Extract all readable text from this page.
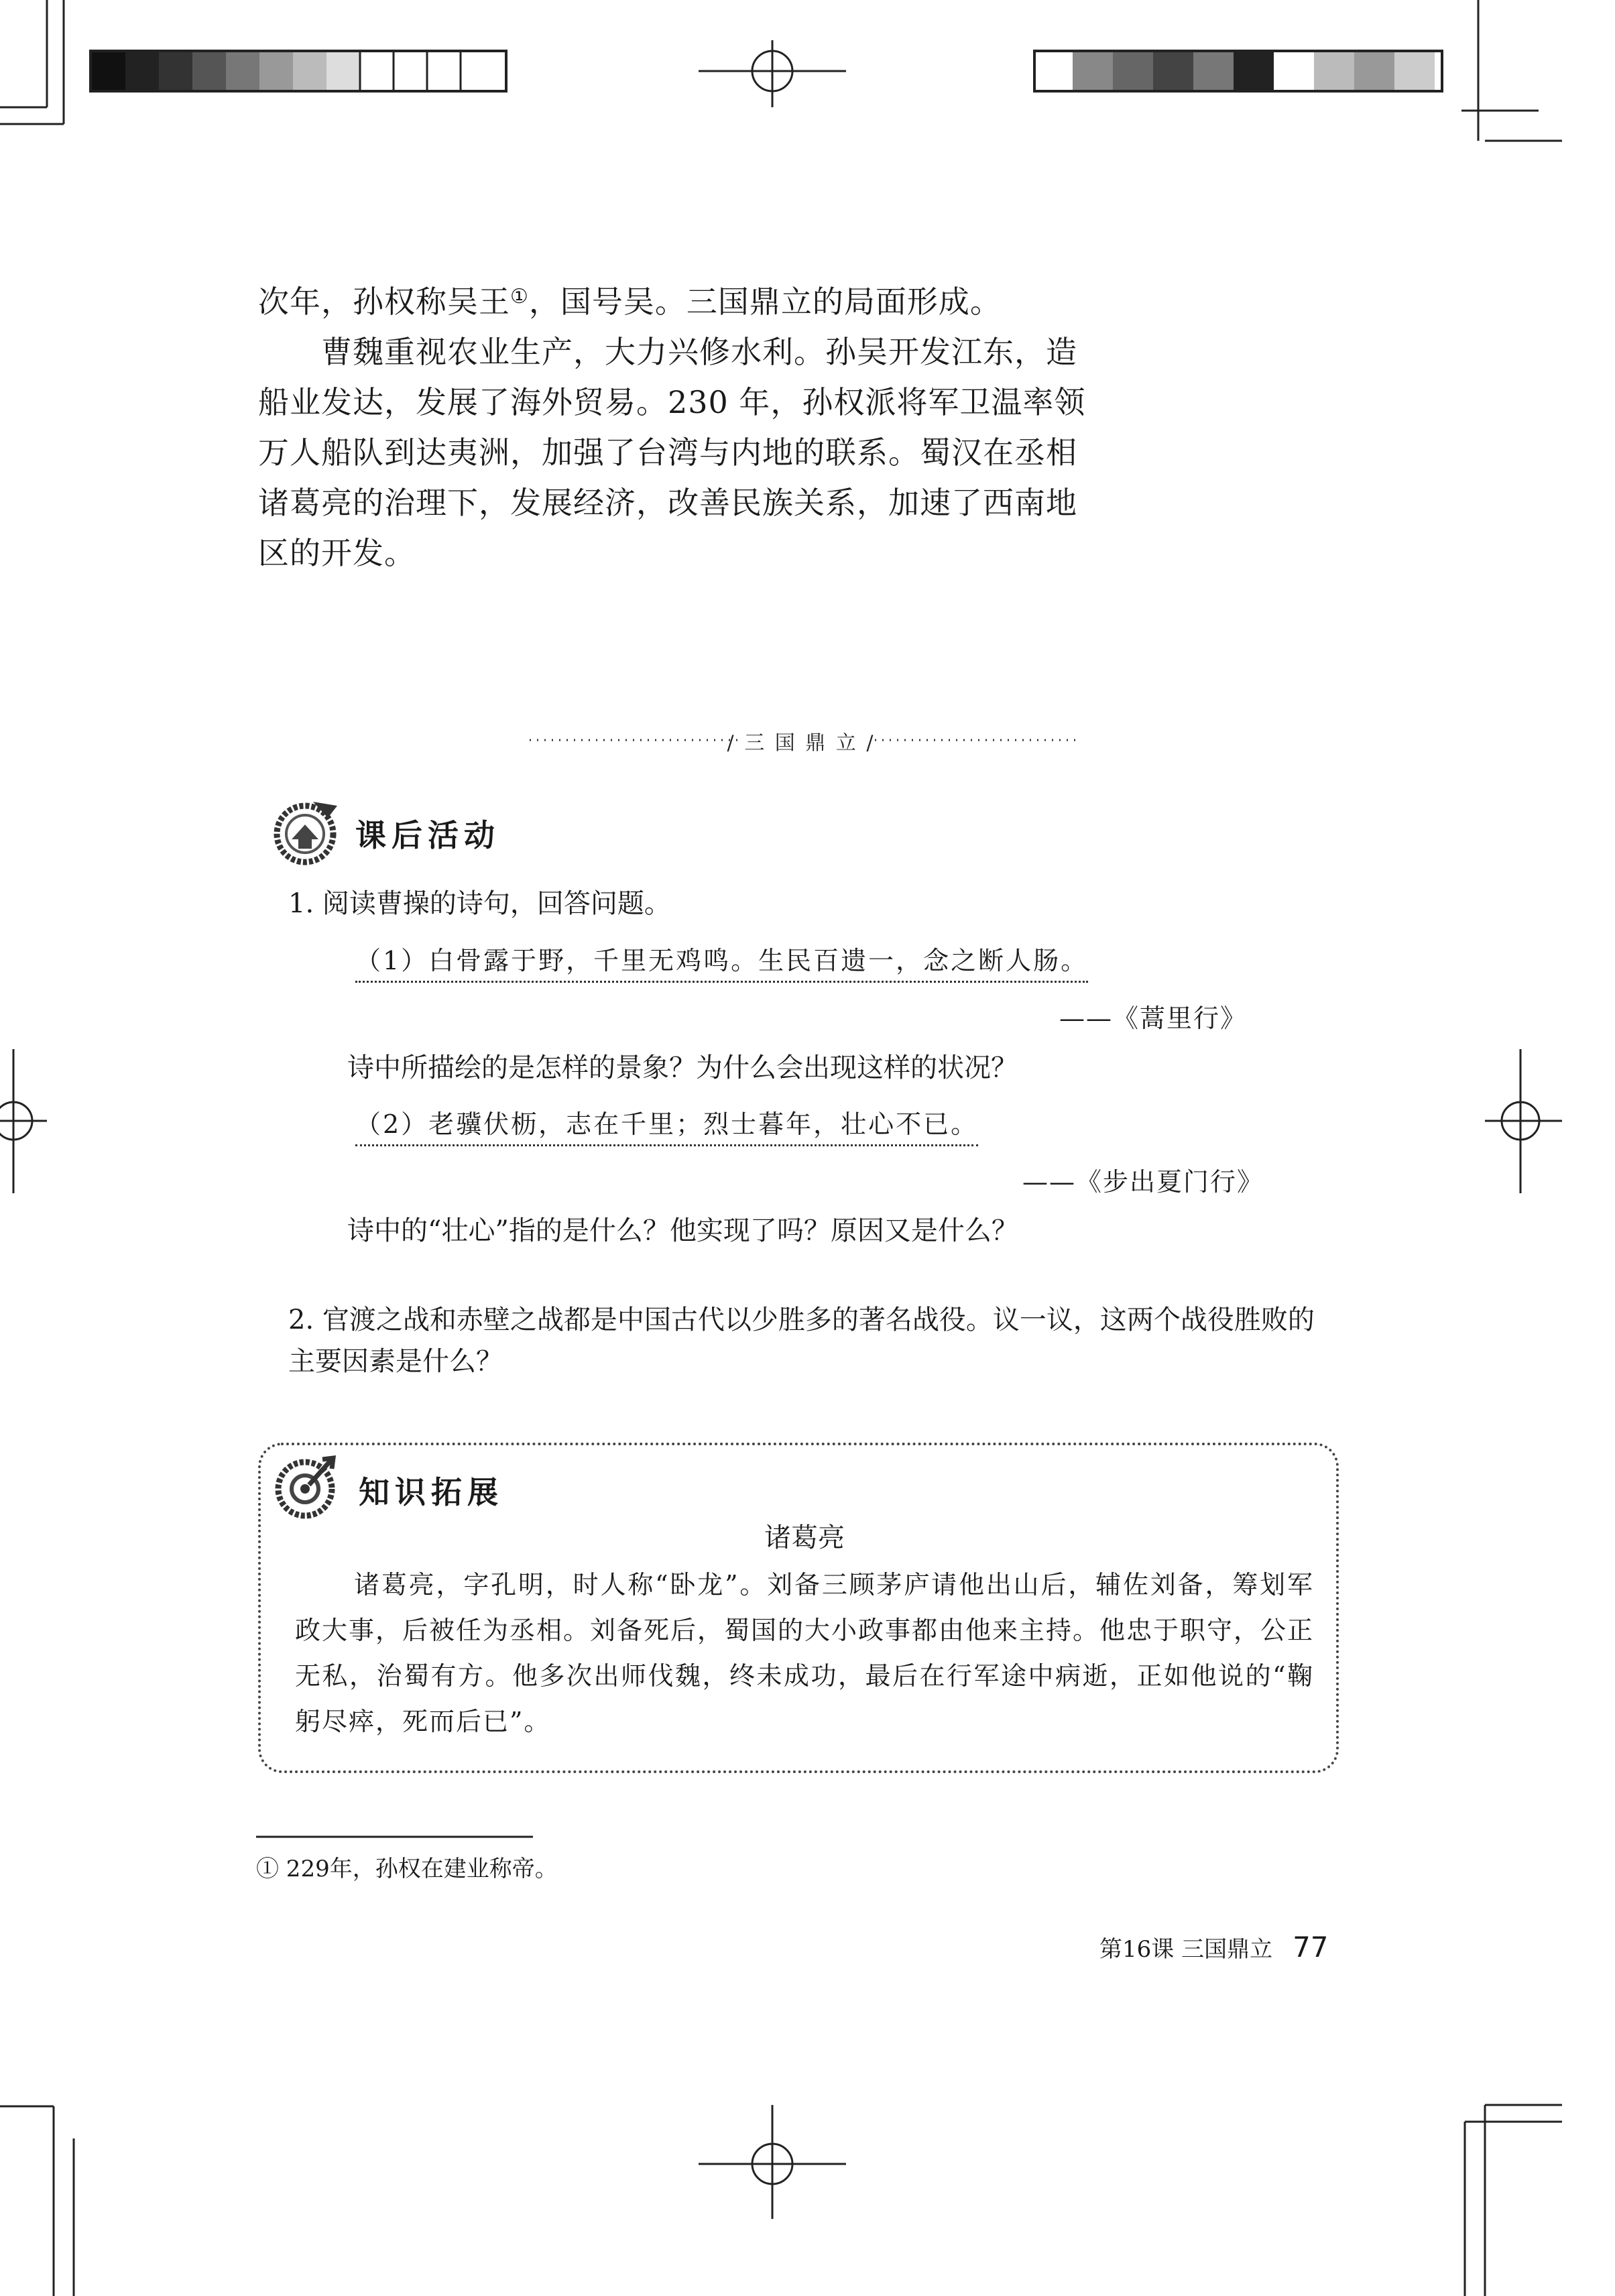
次年，孙权称吴王①，国号吴。三国鼎立的局面形成。

曹魏重视农业生产，大力兴修水利。孙吴开发江东，造船业发达，发展了海外贸易。230 年，孙权派将军卫温率领万人船队到达夷洲，加强了台湾与内地的联系。蜀汉在丞相诸葛亮的治理下，发展经济，改善民族关系，加速了西南地区的开发。

/ 三 国 鼎 立 /
课后活动
1. 阅读曹操的诗句，回答问题。
（1）白骨露于野，千里无鸡鸣。生民百遗一，念之断人肠。
——《蒿里行》
诗中所描绘的是怎样的景象？为什么会出现这样的状况？
（2）老骥伏枥，志在千里；烈士暮年，壮心不已。
——《步出夏门行》
诗中的“壮心”指的是什么？他实现了吗？原因又是什么？
2. 官渡之战和赤壁之战都是中国古代以少胜多的著名战役。议一议，这两个战役胜败的主要因素是什么？
知识拓展
诸葛亮

诸葛亮，字孔明，时人称“卧龙”。刘备三顾茅庐请他出山后，辅佐刘备，筹划军政大事，后被任为丞相。刘备死后，蜀国的大小政事都由他来主持。他忠于职守，公正无私，治蜀有方。他多次出师伐魏，终未成功，最后在行军途中病逝，正如他说的“鞠躬尽瘁，死而后已”。

① 229年，孙权在建业称帝。
第16课 三国鼎立 77
